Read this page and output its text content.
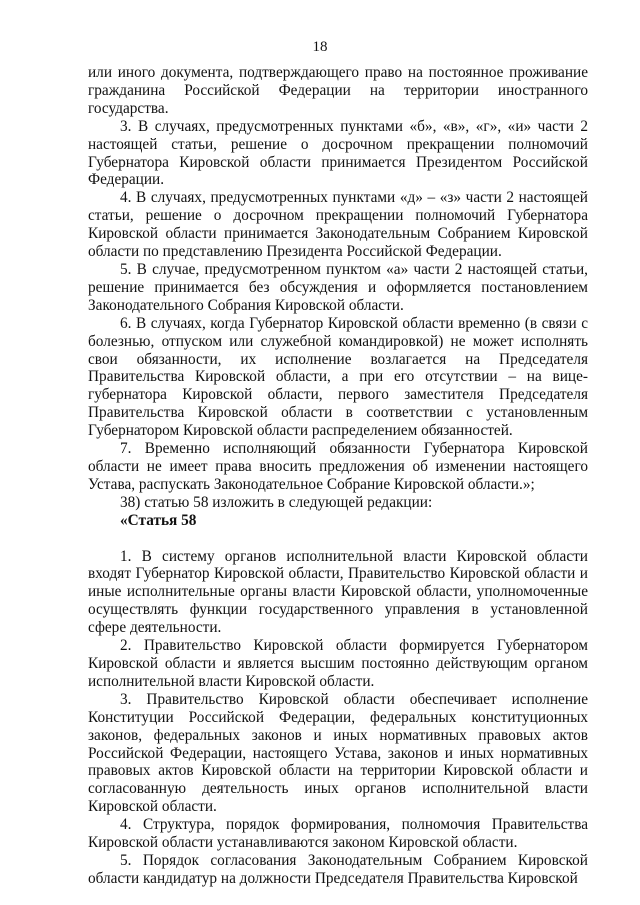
18

или иного документа, подтверждающего право на постоянное проживание гражданина Российской Федерации на территории иностранного государства.

3. В случаях, предусмотренных пунктами «б», «в», «г», «и» части 2 настоящей статьи, решение о досрочном прекращении полномочий Губернатора Кировской области принимается Президентом Российской Федерации.

4. В случаях, предусмотренных пунктами «д» – «з» части 2 настоящей статьи, решение о досрочном прекращении полномочий Губернатора Кировской области принимается Законодательным Собранием Кировской области по представлению Президента Российской Федерации.

5. В случае, предусмотренном пунктом «а» части 2 настоящей статьи, решение принимается без обсуждения и оформляется постановлением Законодательного Собрания Кировской области.

6. В случаях, когда Губернатор Кировской области временно (в связи с болезнью, отпуском или служебной командировкой) не может исполнять свои обязанности, их исполнение возлагается на Председателя Правительства Кировской области, а при его отсутствии – на вице-губернатора Кировской области, первого заместителя Председателя Правительства Кировской области в соответствии с установленным Губернатором Кировской области распределением обязанностей.

7. Временно исполняющий обязанности Губернатора Кировской области не имеет права вносить предложения об изменении настоящего Устава, распускать Законодательное Собрание Кировской области.»;

38) статью 58 изложить в следующей редакции:

«Статья 58

1. В систему органов исполнительной власти Кировской области входят Губернатор Кировской области, Правительство Кировской области и иные исполнительные органы власти Кировской области, уполномоченные осуществлять функции государственного управления в установленной сфере деятельности.

2. Правительство Кировской области формируется Губернатором Кировской области и является высшим постоянно действующим органом исполнительной власти Кировской области.

3. Правительство Кировской области обеспечивает исполнение Конституции Российской Федерации, федеральных конституционных законов, федеральных законов и иных нормативных правовых актов Российской Федерации, настоящего Устава, законов и иных нормативных правовых актов Кировской области на территории Кировской области и согласованную деятельность иных органов исполнительной власти Кировской области.

4. Структура, порядок формирования, полномочия Правительства Кировской области устанавливаются законом Кировской области.

5. Порядок согласования Законодательным Собранием Кировской области кандидатур на должности Председателя Правительства Кировской
